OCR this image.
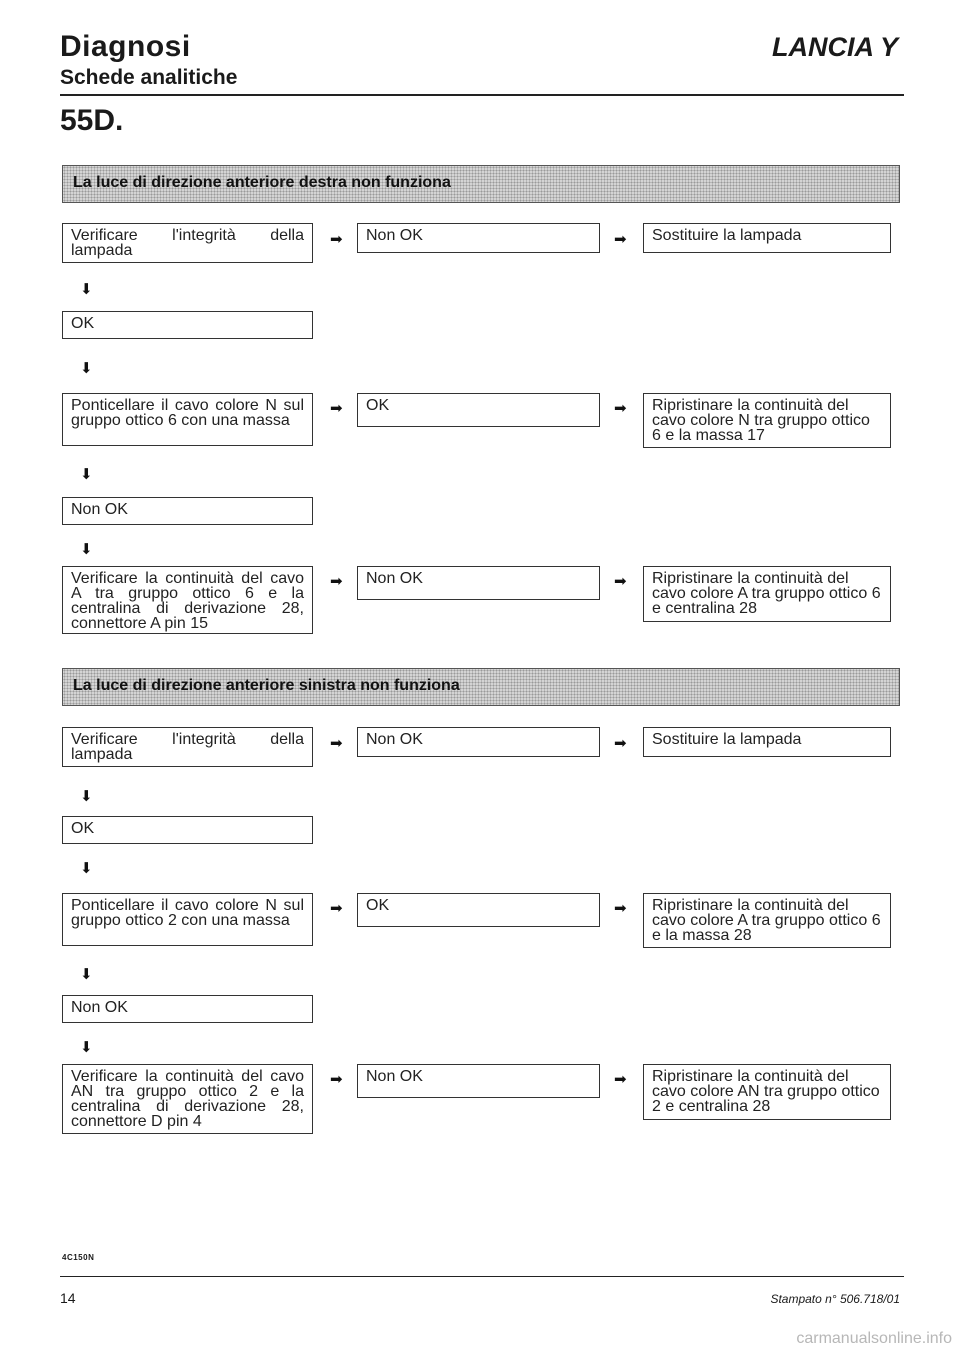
Diagnosi
Schede analitiche
LANCIA Y
55D.
La luce di direzione anteriore destra non funziona
Verificare l'integrità della lampada
➡	Non OK	➡	Sostituire la lampada
⬇
OK
⬇
Ponticellare il cavo colore N sul gruppo ottico 6 con una massa
➡	OK	➡	Ripristinare la continuità del cavo colore N tra gruppo ottico 6 e la massa 17
⬇
Non OK
⬇
Verificare la continuità del cavo A tra gruppo ottico 6 e la centralina di derivazione 28, connettore A pin 15
➡	Non OK	➡	Ripristinare la continuità del cavo colore A tra gruppo ottico 6 e centralina 28
La luce di direzione anteriore sinistra non funziona
Verificare l'integrità della lampada
➡	Non OK	➡	Sostituire la lampada
⬇
OK
⬇
Ponticellare il cavo colore N sul gruppo ottico 2 con una massa
➡	OK	➡	Ripristinare la continuità del cavo colore A tra gruppo ottico 6 e la massa 28
⬇
Non OK
⬇
Verificare la continuità del cavo AN tra gruppo ottico 2 e la centralina di derivazione 28, connettore D pin 4
➡	Non OK	➡	Ripristinare la continuità del cavo colore AN tra gruppo ottico 2 e centralina 28
4C150N
14	Stampato n° 506.718/01
carmanualsonline.info
